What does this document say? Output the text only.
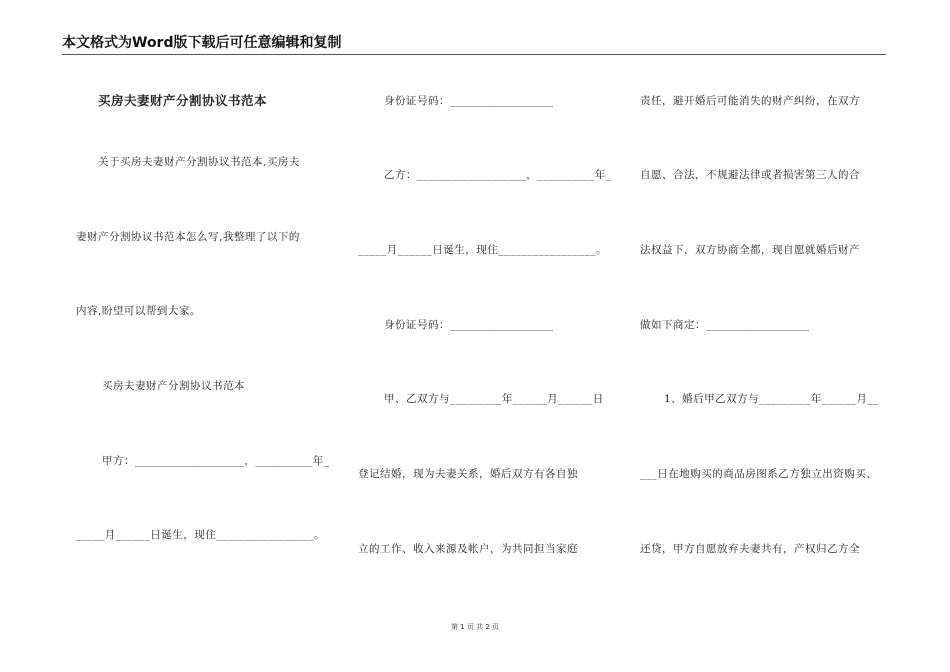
本文格式为Word版下载后可任意编辑和复制
买房夫妻财产分割协议书范本
关于买房夫妻财产分割协议书范本,买房夫
妻财产分割协议书范本怎么写,我整理了以下的
内容,盼望可以帮到大家。
买房夫妻财产分割协议书范本
甲方：___________________，__________年_
_____月______日诞生，现住_________________。
身份证号码：__________________
乙方：___________________，__________年_
_____月______日诞生，现住_________________。
身份证号码：__________________
甲、乙双方与_________年______月______日
登记结婚，现为夫妻关系，婚后双方有各自独
立的工作、收入来源及帐户，为共同担当家庭
责任，避开婚后可能消失的财产纠纷，在双方
自愿、合法，不规避法律或者损害第三人的合
法权益下，双方协商全都，现自愿就婚后财产
做如下商定：__________________
1、婚后甲乙双方与_________年______月__
___日在地购买的商品房图系乙方独立出资购买、
还贷，甲方自愿放弃夫妻共有，产权归乙方全
第 1 页 共 2 页
